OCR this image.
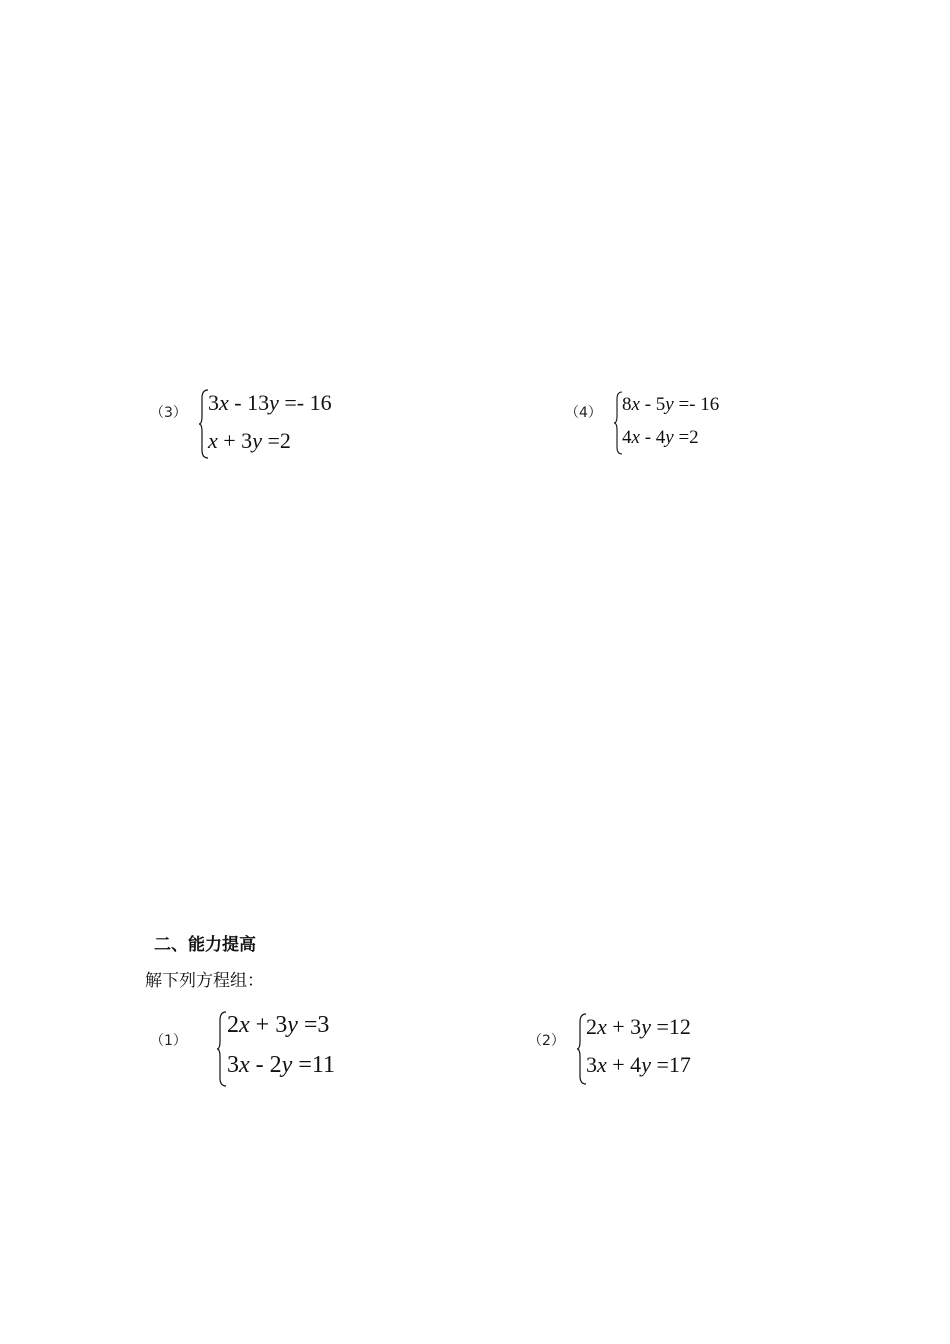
（3） 3x - 13y =- 16
x + 3y =2
（4） 8x - 5y =- 16
4x - 4y =2
二、能力提高
解下列方程组：
（1）
2x + 3y =3
3x - 2y =11
（2）
2x + 3y =12
3x + 4y =17
